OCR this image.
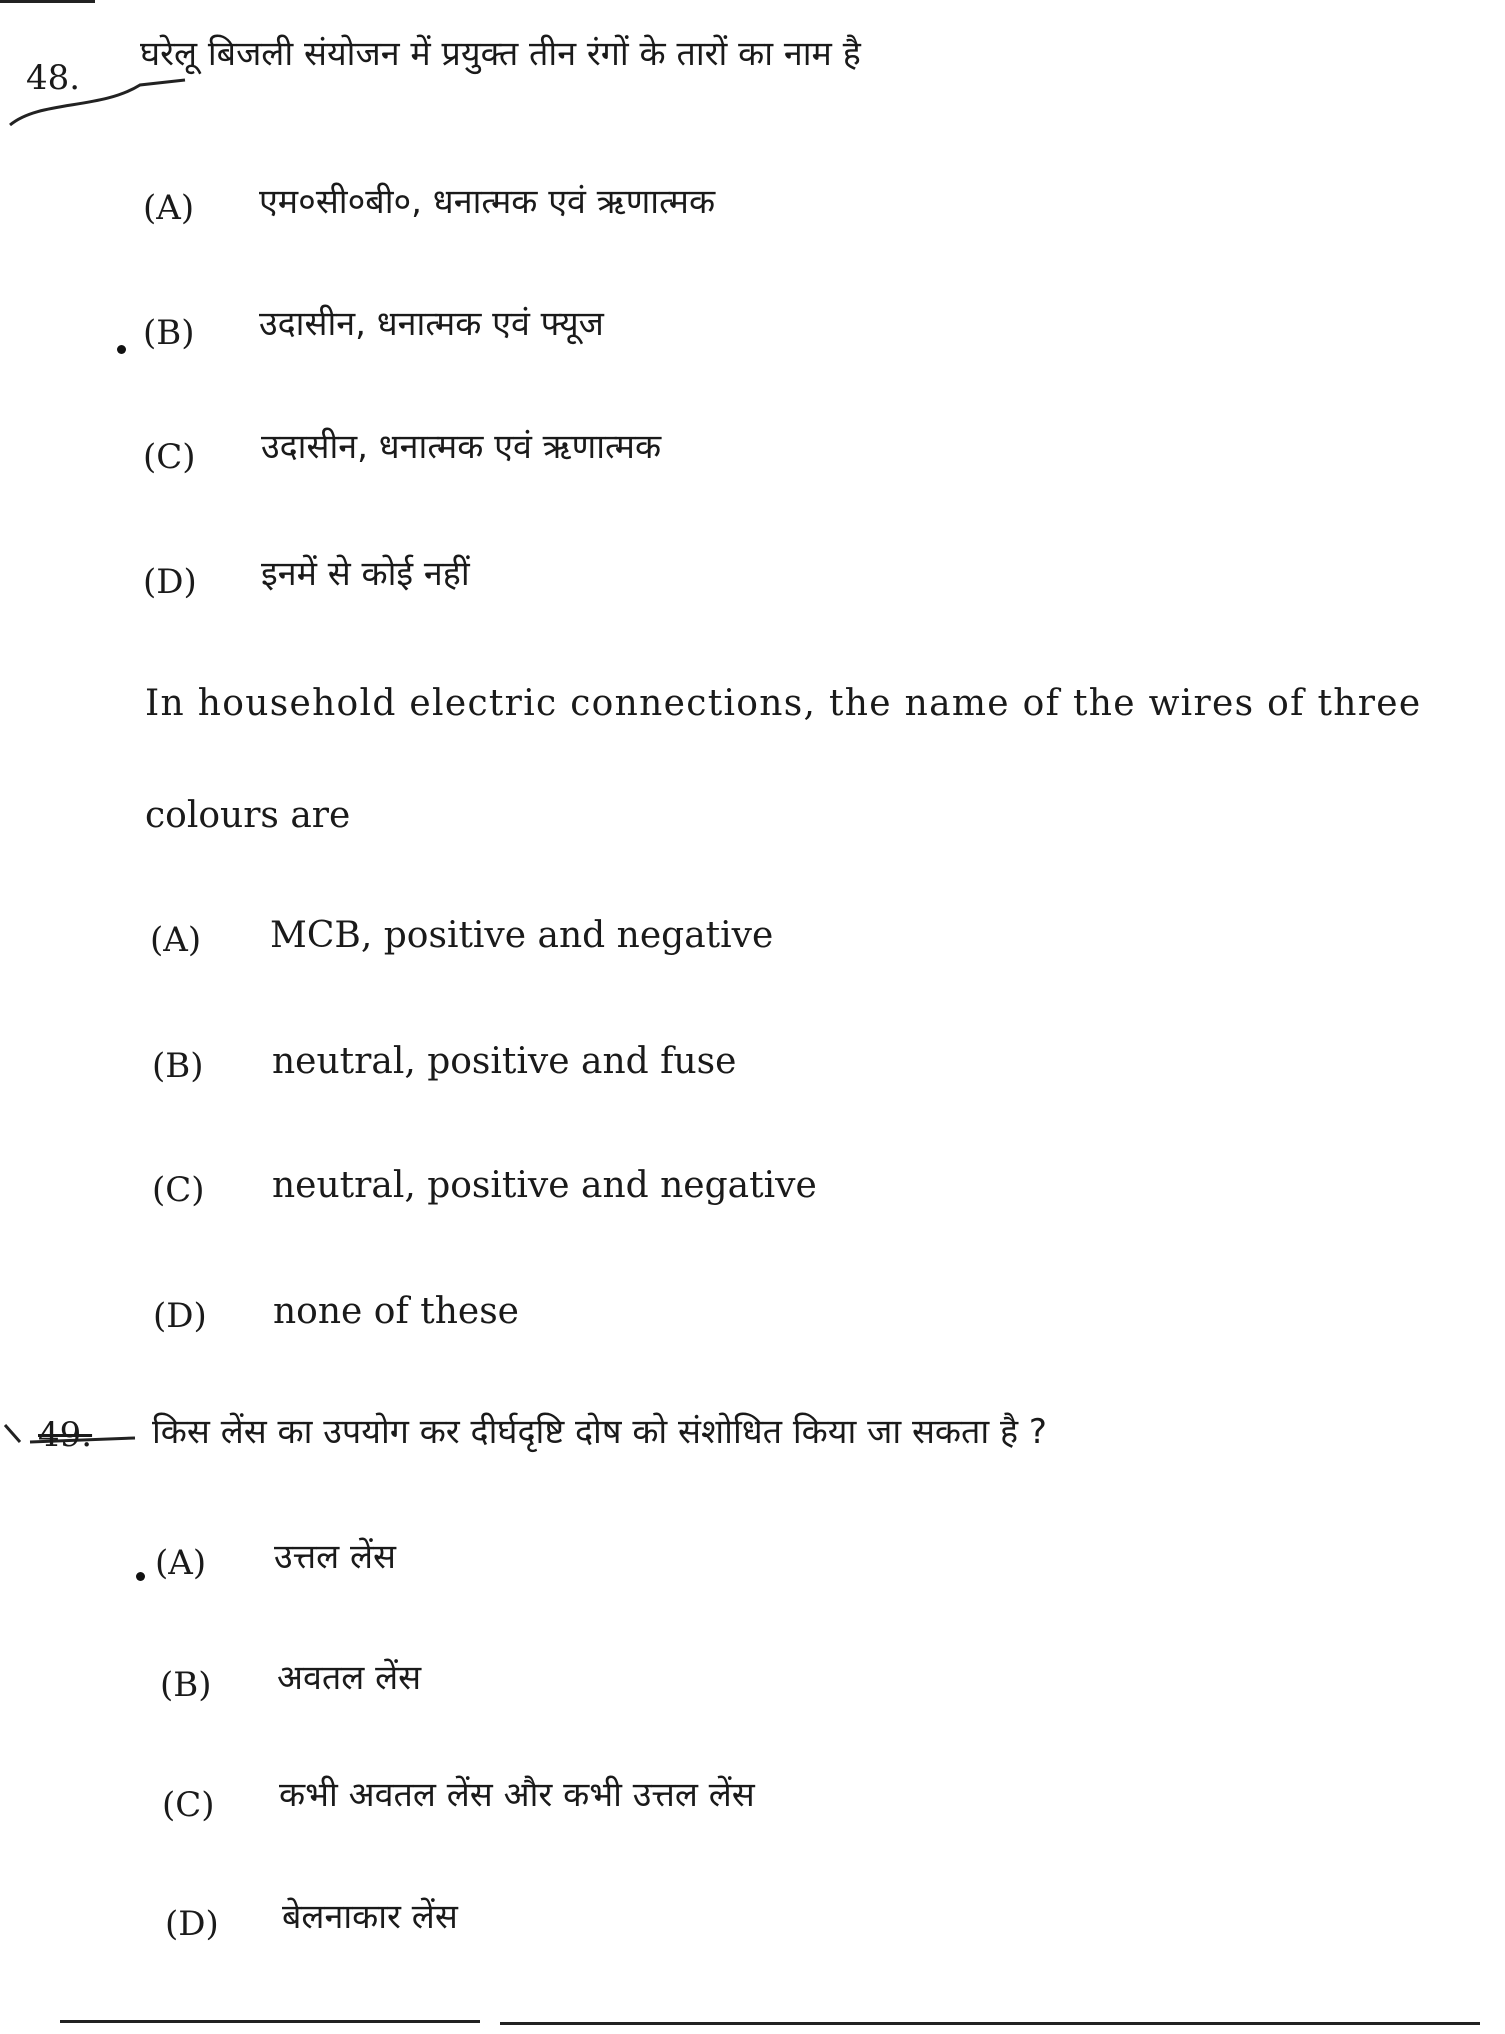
48.
घरेलू बिजली संयोजन में प्रयुक्त तीन रंगों के तारों का नाम है
(A) एम०सी०बी०, धनात्मक एवं ऋणात्मक
(B) उदासीन, धनात्मक एवं फ्यूज
(C) उदासीन, धनात्मक एवं ऋणात्मक
(D) इनमें से कोई नहीं
In household electric connections, the name of the wires of three
colours are
(A) MCB, positive and negative
(B) neutral, positive and fuse
(C) neutral, positive and negative
(D) none of these
49. किस लेंस का उपयोग कर दीर्घदृष्टि दोष को संशोधित किया जा सकता है ?
(A) उत्तल लेंस
(B) अवतल लेंस
(C) कभी अवतल लेंस और कभी उत्तल लेंस
(D) बेलनाकार लेंस
